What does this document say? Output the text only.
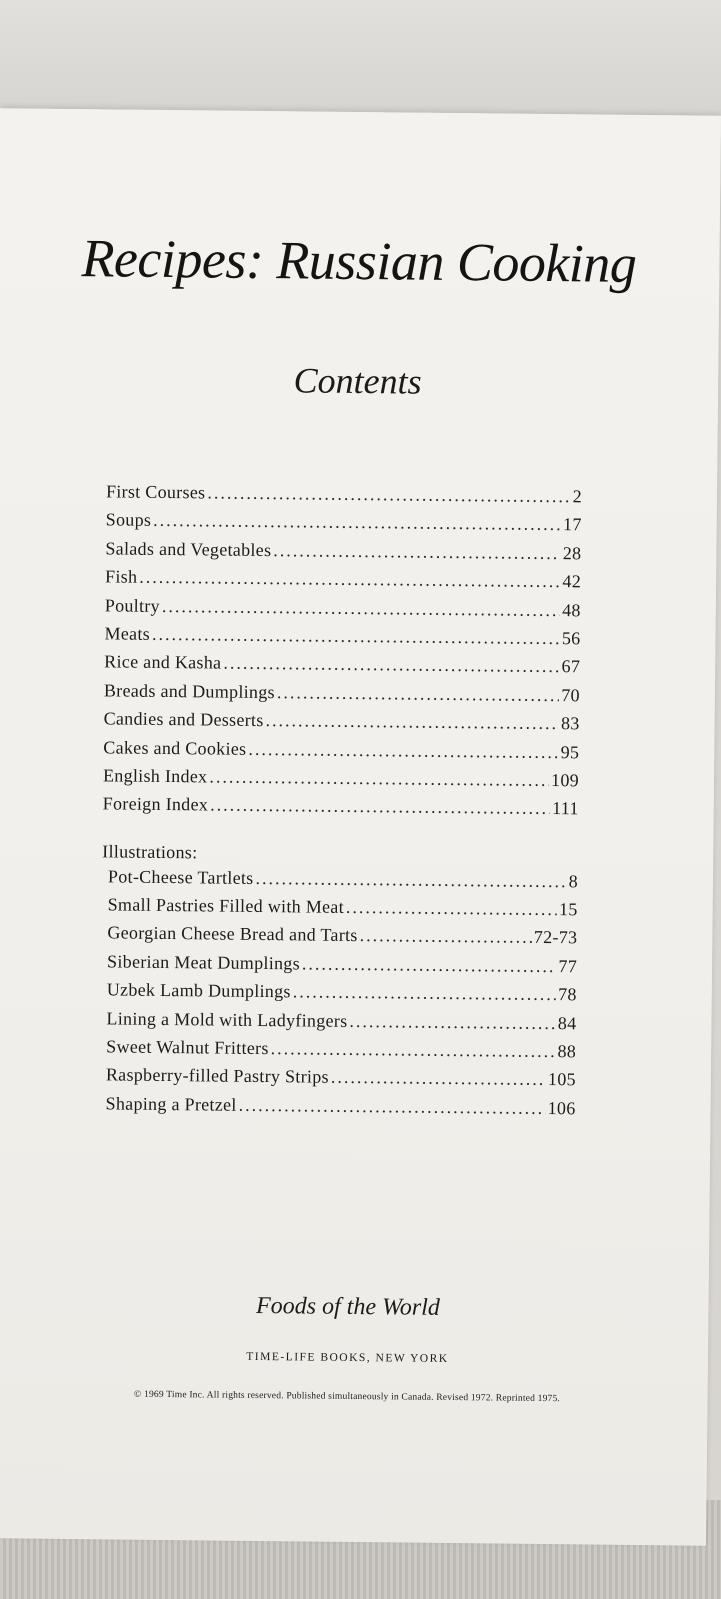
Recipes: Russian Cooking
Contents
First Courses .....	2
Soups .....	17
Salads and Vegetables .....	28
Fish .....	42
Poultry .....	48
Meats .....	56
Rice and Kasha .....	67
Breads and Dumplings .....	70
Candies and Desserts .....	83
Cakes and Cookies .....	95
English Index .....	109
Foreign Index .....	111
Illustrations:
Pot-Cheese Tartlets .....	8
Small Pastries Filled with Meat .....	15
Georgian Cheese Bread and Tarts .....	72-73
Siberian Meat Dumplings .....	77
Uzbek Lamb Dumplings .....	78
Lining a Mold with Ladyfingers .....	84
Sweet Walnut Fritters .....	88
Raspberry-filled Pastry Strips .....	105
Shaping a Pretzel .....	106
Foods of the World
TIME-LIFE BOOKS, NEW YORK
© 1969 Time Inc. All rights reserved. Published simultaneously in Canada. Revised 1972. Reprinted 1975.
